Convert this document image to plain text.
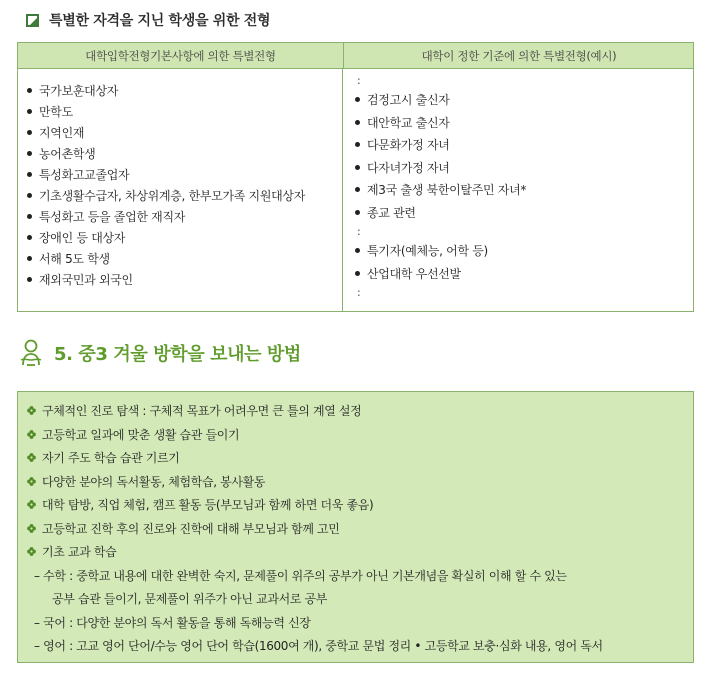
특별한 자격을 지닌 학생을 위한 전형
대학입학전형기본사항에 의한 특별전형	대학이 정한 기준에 의한 특별전형(예시)
국가보훈대상자
만학도
지역인재
농어촌학생
특성화고교졸업자
기초생활수급자, 차상위계층, 한부모가족 지원대상자
특성화고 등을 졸업한 재직자
장애인 등 대상자
서해 5도 학생
재외국민과 외국인
:
검정고시 출신자
대안학교 출신자
다문화가정 자녀
다자녀가정 자녀
제3국 출생 북한이탈주민 자녀*
종교 관련
:
특기자(예체능, 어학 등)
산업대학 우선선발
:
5. 중3 겨울 방학을 보내는 방법
구체적인 진로 탐색 : 구체적 목표가 어려우면 큰 틀의 계열 설정
고등학교 일과에 맞춘 생활 습관 들이기
자기 주도 학습 습관 기르기
다양한 분야의 독서활동, 체험학습, 봉사활동
대학 탐방, 직업 체험, 캠프 활동 등(부모님과 함께 하면 더욱 좋음)
고등학교 진학 후의 진로와 진학에 대해 부모님과 함께 고민
기초 교과 학습
– 수학 : 중학교 내용에 대한 완벽한 숙지, 문제풀이 위주의 공부가 아닌 기본개념을 확실히 이해 할 수 있는
공부 습관 들이기, 문제풀이 위주가 아닌 교과서로 공부
– 국어 : 다양한 분야의 독서 활동을 통해 독해능력 신장
– 영어 : 고교 영어 단어/수능 영어 단어 학습(1600여 개), 중학교 문법 정리 • 고등학교 보충·심화 내용, 영어 독서
